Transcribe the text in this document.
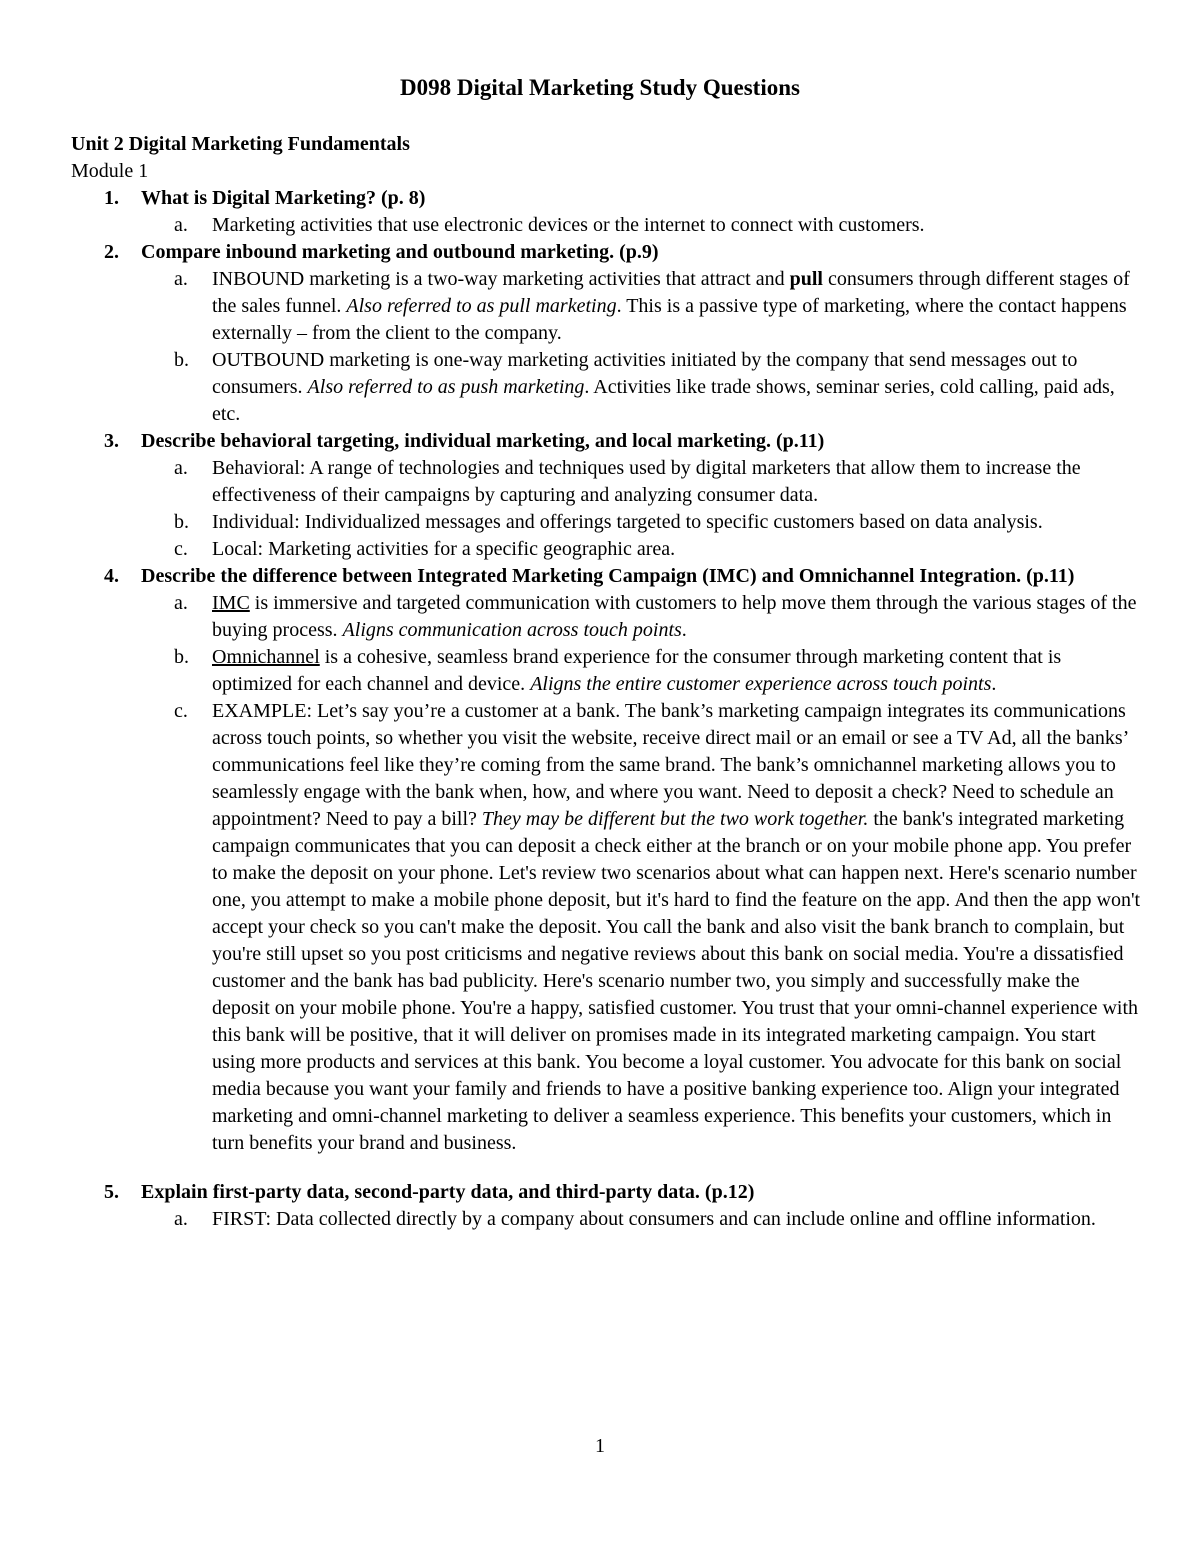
D098 Digital Marketing Study Questions
Unit 2 Digital Marketing Fundamentals
Module 1
1. What is Digital Marketing? (p. 8)
a. Marketing activities that use electronic devices or the internet to connect with customers.
2. Compare inbound marketing and outbound marketing. (p.9)
a. INBOUND marketing is a two-way marketing activities that attract and pull consumers through different stages of the sales funnel. Also referred to as pull marketing. This is a passive type of marketing, where the contact happens externally – from the client to the company.
b. OUTBOUND marketing is one-way marketing activities initiated by the company that send messages out to consumers. Also referred to as push marketing. Activities like trade shows, seminar series, cold calling, paid ads, etc.
3. Describe behavioral targeting, individual marketing, and local marketing. (p.11)
a. Behavioral: A range of technologies and techniques used by digital marketers that allow them to increase the effectiveness of their campaigns by capturing and analyzing consumer data.
b. Individual: Individualized messages and offerings targeted to specific customers based on data analysis.
c. Local: Marketing activities for a specific geographic area.
4. Describe the difference between Integrated Marketing Campaign (IMC) and Omnichannel Integration. (p.11)
a. IMC is immersive and targeted communication with customers to help move them through the various stages of the buying process. Aligns communication across touch points.
b. Omnichannel is a cohesive, seamless brand experience for the consumer through marketing content that is optimized for each channel and device. Aligns the entire customer experience across touch points.
c. EXAMPLE: Let’s say you’re a customer at a bank. The bank’s marketing campaign integrates its communications across touch points, so whether you visit the website, receive direct mail or an email or see a TV Ad, all the banks’ communications feel like they’re coming from the same brand. The bank’s omnichannel marketing allows you to seamlessly engage with the bank when, how, and where you want. Need to deposit a check? Need to schedule an appointment? Need to pay a bill? They may be different but the two work together. the bank's integrated marketing campaign communicates that you can deposit a check either at the branch or on your mobile phone app. You prefer to make the deposit on your phone. Let's review two scenarios about what can happen next. Here's scenario number one, you attempt to make a mobile phone deposit, but it's hard to find the feature on the app. And then the app won't accept your check so you can't make the deposit. You call the bank and also visit the bank branch to complain, but you're still upset so you post criticisms and negative reviews about this bank on social media. You're a dissatisfied customer and the bank has bad publicity. Here's scenario number two, you simply and successfully make the deposit on your mobile phone. You're a happy, satisfied customer. You trust that your omni-channel experience with this bank will be positive, that it will deliver on promises made in its integrated marketing campaign. You start using more products and services at this bank. You become a loyal customer. You advocate for this bank on social media because you want your family and friends to have a positive banking experience too. Align your integrated marketing and omni-channel marketing to deliver a seamless experience. This benefits your customers, which in turn benefits your brand and business.
5. Explain first-party data, second-party data, and third-party data. (p.12)
a. FIRST: Data collected directly by a company about consumers and can include online and offline information.
1
